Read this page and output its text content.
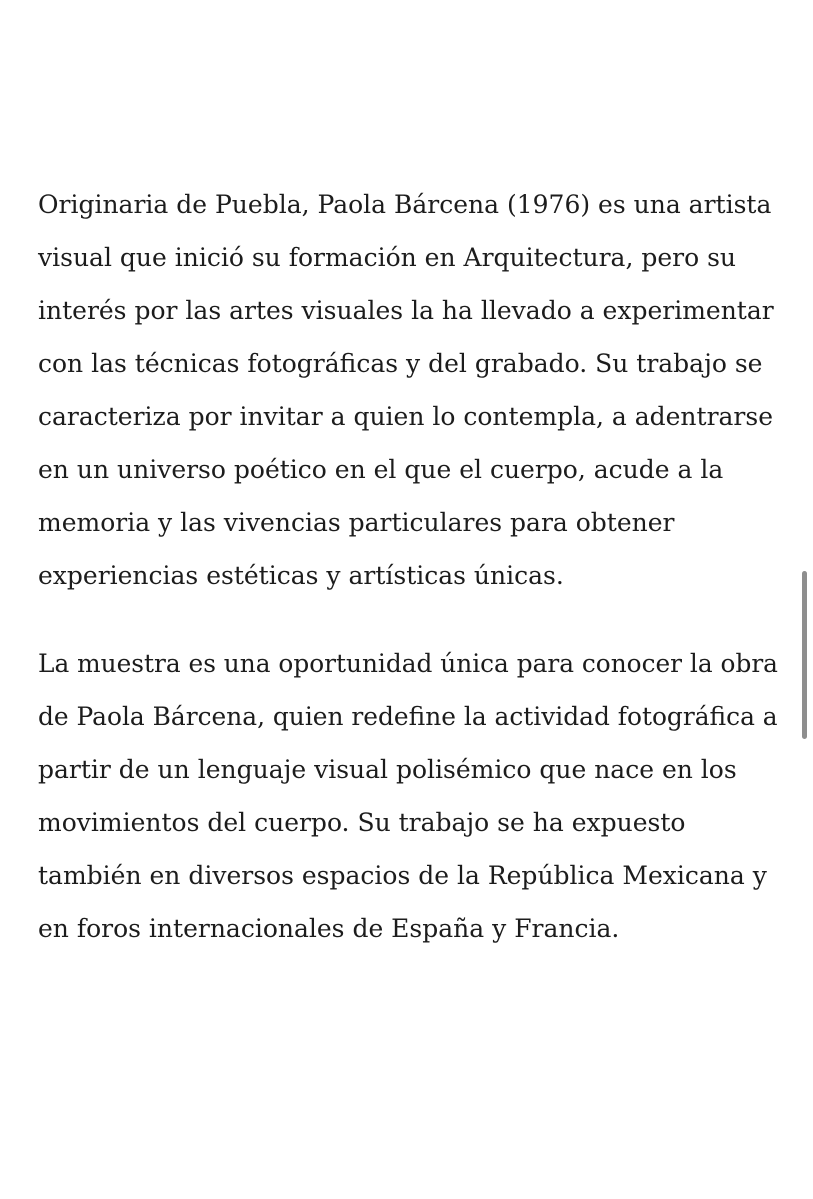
Originaria de Puebla, Paola Bárcena (1976) es una artista
visual que inició su formación en Arquitectura, pero su
interés por las artes visuales la ha llevado a experimentar
con las técnicas fotográficas y del grabado. Su trabajo se
caracteriza por invitar a quien lo contempla, a adentrarse
en un universo poético en el que el cuerpo, acude a la
memoria y las vivencias particulares para obtener
experiencias estéticas y artísticas únicas.

La muestra es una oportunidad única para conocer la obra
de Paola Bárcena, quien redefine la actividad fotográfica a
partir de un lenguaje visual polisémico que nace en los
movimientos del cuerpo. Su trabajo se ha expuesto
también en diversos espacios de la República Mexicana y
en foros internacionales de España y Francia.
